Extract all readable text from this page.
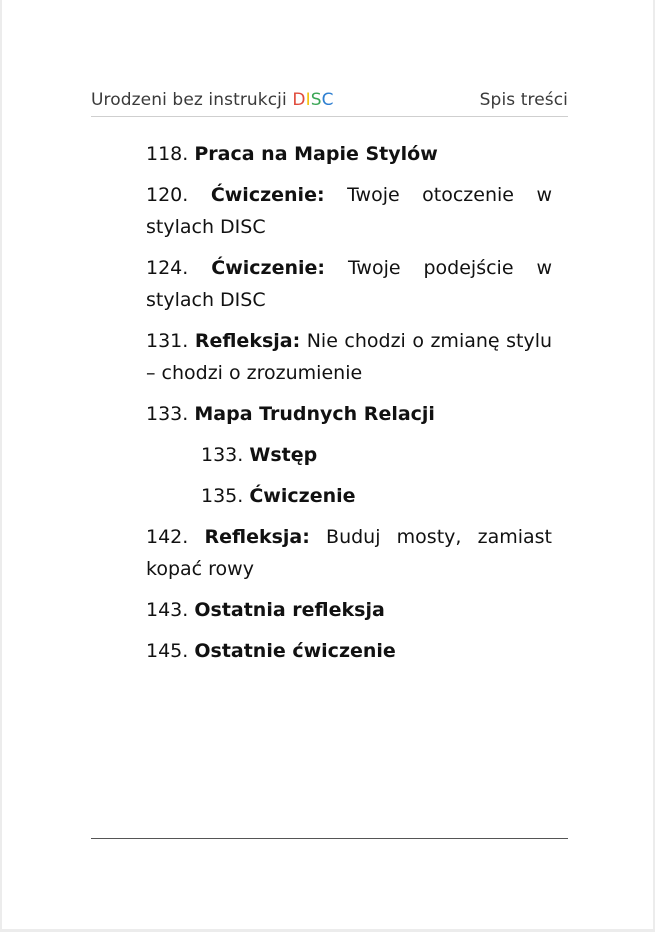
Urodzeni bez instrukcji DISC	Spis treści
118. Praca na Mapie Stylów
120. Ćwiczenie: Twoje otoczenie w stylach DISC
124. Ćwiczenie: Twoje podejście w stylach DISC
131. Refleksja: Nie chodzi o zmianę stylu – chodzi o zrozumienie
133. Mapa Trudnych Relacji
133. Wstęp
135. Ćwiczenie
142. Refleksja: Buduj mosty, zamiast kopać rowy
143. Ostatnia refleksja
145. Ostatnie ćwiczenie
